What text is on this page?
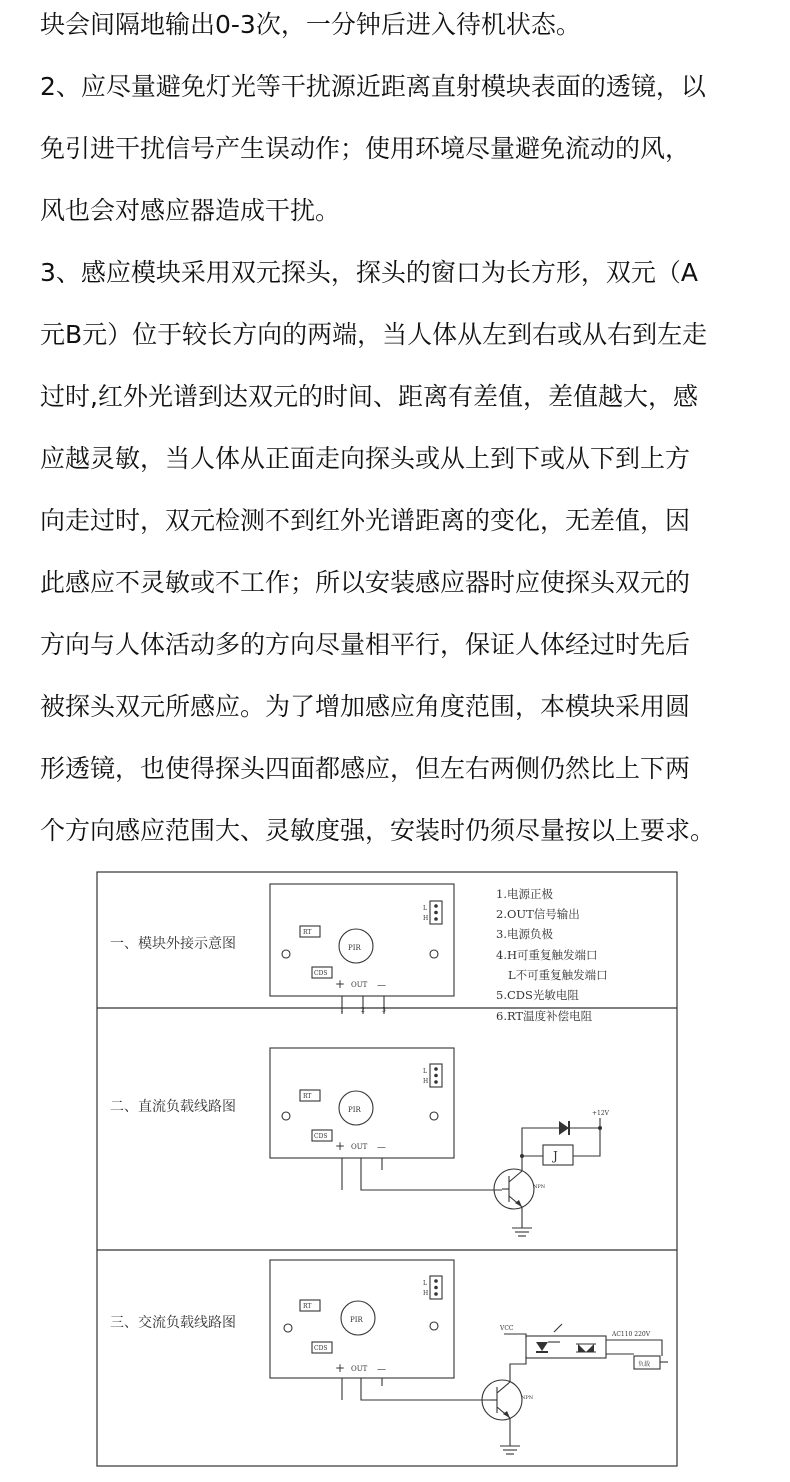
块会间隔地输出0-3次，一分钟后进入待机状态。
2、应尽量避免灯光等干扰源近距离直射模块表面的透镜，以
免引进干扰信号产生误动作；使用环境尽量避免流动的风，
风也会对感应器造成干扰。
3、感应模块采用双元探头，探头的窗口为长方形，双元（A
元B元）位于较长方向的两端，当人体从左到右或从右到左走
过时,红外光谱到达双元的时间、距离有差值，差值越大，感
应越灵敏，当人体从正面走向探头或从上到下或从下到上方
向走过时，双元检测不到红外光谱距离的变化，无差值，因
此感应不灵敏或不工作；所以安装感应器时应使探头双元的
方向与人体活动多的方向尽量相平行，保证人体经过时先后
被探头双元所感应。为了增加感应角度范围，本模块采用圆
形透镜，也使得探头四面都感应，但左右两侧仍然比上下两
个方向感应范围大、灵敏度强，安装时仍须尽量按以上要求。
一、模块外接示意图	PIR
RT
CDS
L
H
+ OUT —
1	2	3
1.电源正极
2.OUT信号输出
3.电源负极
4.H可重复触发端口
L不可重复触发端口
5.CDS光敏电阻
6.RT温度补偿电阻
二、直流负载线路图	PIR
RT
CDS
L
H
+ OUT —
+12V
J
NPN
三、交流负载线路图	PIR
RT
CDS
L
H
+ OUT —
VCC
AC110 220V
负载
NPN
